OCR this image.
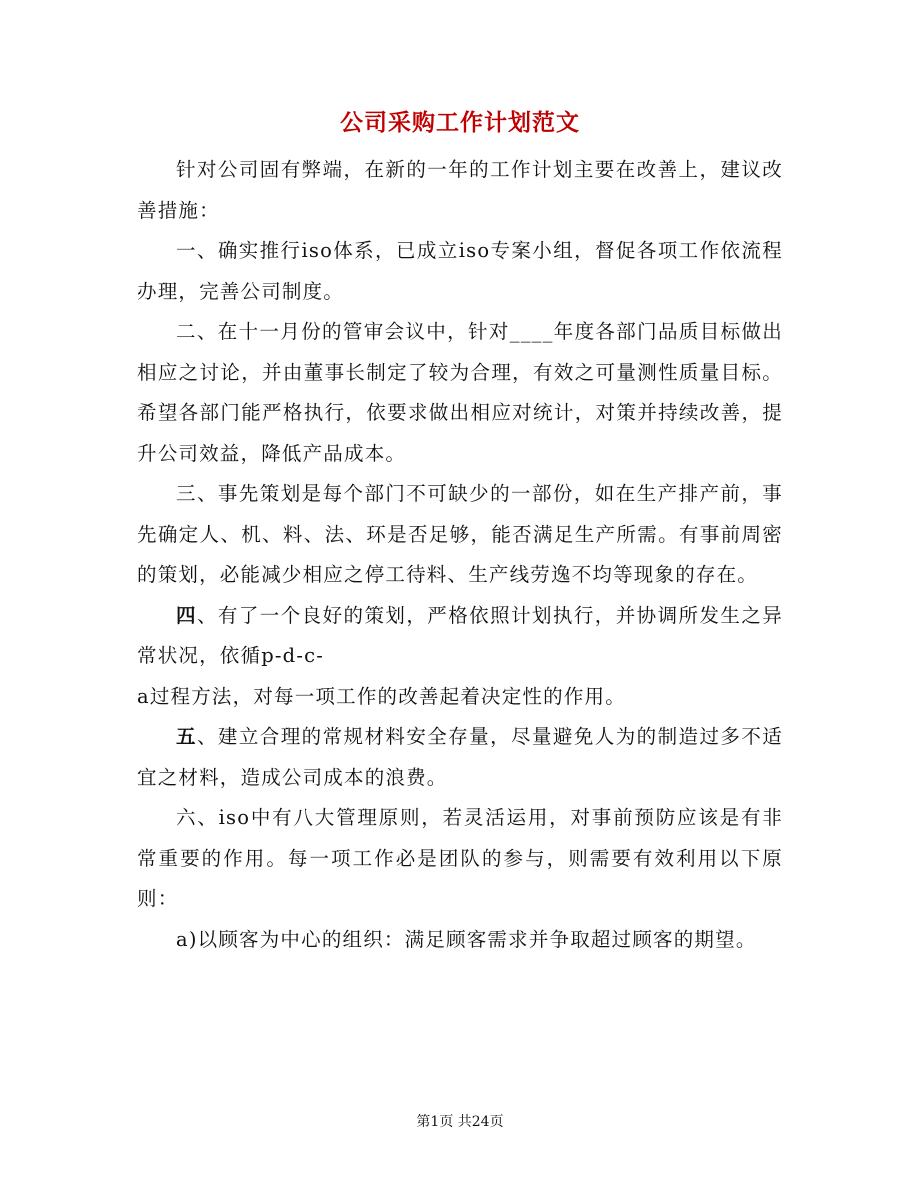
公司采购工作计划范文

针对公司固有弊端，在新的一年的工作计划主要在改善上，建议改善措施：

一、确实推行iso体系，已成立iso专案小组，督促各项工作依流程办理，完善公司制度。

二、在十一月份的管审会议中，针对____年度各部门品质目标做出相应之讨论，并由董事长制定了较为合理，有效之可量测性质量目标。希望各部门能严格执行，依要求做出相应对统计，对策并持续改善，提升公司效益，降低产品成本。

三、事先策划是每个部门不可缺少的一部份，如在生产排产前，事先确定人、机、料、法、环是否足够，能否满足生产所需。有事前周密的策划，必能减少相应之停工待料、生产线劳逸不均等现象的存在。

四、有了一个良好的策划，严格依照计划执行，并协调所发生之异常状况，依循p-d-c-

a过程方法，对每一项工作的改善起着决定性的作用。

五、建立合理的常规材料安全存量，尽量避免人为的制造过多不适宜之材料，造成公司成本的浪费。

六、iso中有八大管理原则，若灵活运用，对事前预防应该是有非常重要的作用。每一项工作必是团队的参与，则需要有效利用以下原则：

a)以顾客为中心的组织：满足顾客需求并争取超过顾客的期望。

第1页 共24页
